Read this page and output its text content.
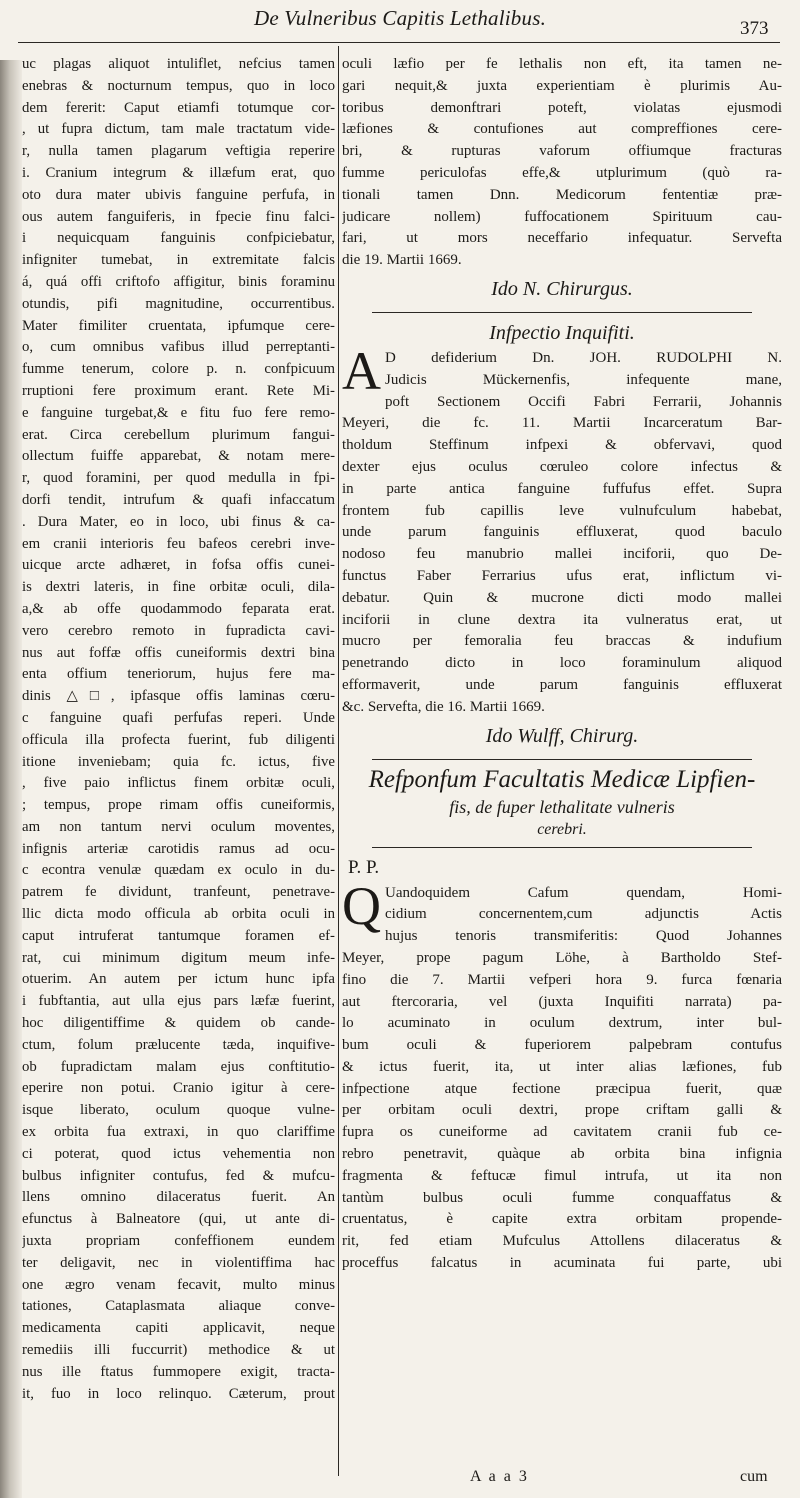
De Vulneribus Capitis Lethalibus.	373
uc plagas aliquot intuliflet, nefcius tamen
enebras & nocturnum tempus, quo in loco
dem fererit: Caput etiamfi totumque cor-
, ut fupra dictum, tam male tractatum vide-
r, nulla tamen plagarum veftigia reperire
i. Cranium integrum & illæfum erat, quo
oto dura mater ubivis fanguine perfufa, in
ous autem fanguiferis, in fpecie finu falci-
i nequicquam fanguinis confpiciebatur,
infigniter tumebat, in extremitate falcis
á, quá offi criftofo affigitur, binis foraminu
otundis, pifi magnitudine, occurrentibus.
Mater fimiliter cruentata, ipfumque cere-
o, cum omnibus vafibus illud perreptanti-
fumme tenerum, colore p. n. confpicuum
rruptioni fere proximum erant. Rete Mi-
e fanguine turgebat,& e fitu fuo fere remo-
erat. Circa cerebellum plurimum fangui-
ollectum fuiffe apparebat, & notam mere-
r, quod foramini, per quod medulla in fpi-
dorfi tendit, intrufum & quafi infaccatum
. Dura Mater, eo in loco, ubi finus & ca-
em cranii interioris feu bafeos cerebri inve-
uicque arcte adhæret, in fofsa offis cunei-
is dextri lateris, in fine orbitæ oculi, dila-
a,& ab offe quodammodo feparata erat.
vero cerebro remoto in fupradicta cavi-
nus aut foffæ offis cuneiformis dextri bina
enta offium teneriorum, hujus fere ma-
dinis △□, ipfasque offis laminas cœru-
c fanguine quafi perfufas reperi. Unde
officula illa profecta fuerint, fub diligenti
itione inveniebam; quia fc. ictus, five
, five paio inflictus finem orbitæ oculi,
; tempus, prope rimam offis cuneiformis,
am non tantum nervi oculum moventes,
infignis arteriæ carotidis ramus ad ocu-
c econtra venulæ quædam ex oculo in du-
patrem fe dividunt, tranfeunt, penetrave-
llic dicta modo officula ab orbita oculi in
caput intruferat tantumque foramen ef-
rat, cui minimum digitum meum infe-
otuerim. An autem per ictum hunc ipfa
i fubftantia, aut ulla ejus pars læfæ fuerint,
hoc diligentiffime & quidem ob cande-
ctum, folum prælucente tæda, inquifive-
ob fupradictam malam ejus conftitutio-
eperire non potui. Cranio igitur à cere-
isque liberato, oculum quoque vulne-
ex orbita fua extraxi, in quo clariffime
ci poterat, quod ictus vehementia non
bulbus infigniter contufus, fed & mufcu-
llens omnino dilaceratus fuerit. An
efunctus à Balneatore (qui, ut ante di-
juxta propriam confeffionem eundem
ter deligavit, nec in violentiffima hac
one ægro venam fecavit, multo minus
tationes, Cataplasmata aliaque conve-
medicamenta capiti applicavit, neque
remediis illi fuccurrit) methodice & ut
nus ille ftatus fummopere exigit, tracta-
it, fuo in loco relinquo. Cæterum, prout
oculi læfio per fe lethalis non eft, ita tamen ne-
gari nequit,& juxta experientiam è plurimis Au-
toribus demonftrari poteft, violatas ejusmodi
læfiones & contufiones aut compreffiones cere-
bri, & rupturas vaforum offiumque fracturas
fumme periculofas effe,& utplurimum (quò ra-
tionali tamen Dnn. Medicorum fententiæ præ-
judicare nollem) fuffocationem Spirituum cau-
fari, ut mors neceffario infequatur. Servefta
die 19. Martii 1669.
Ido N. Chirurgus.
Infpectio Inquifiti.
A D defiderium Dn. JOH. RUDOLPHI N.
Judicis Mückernenfis, infequente mane,
poft Sectionem Occifi Fabri Ferrarii, Johannis
Meyeri, die fc. 11. Martii Incarceratum Bar-
tholdum Steffinum infpexi & obfervavi, quod
dexter ejus oculus cœruleo colore infectus &
in parte antica fanguine fuffufus effet. Supra
frontem fub capillis leve vulnufculum habebat,
unde parum fanguinis effluxerat, quod baculo
nodoso feu manubrio mallei inciforii, quo De-
functus Faber Ferrarius ufus erat, inflictum vi-
debatur. Quin & mucrone dicti modo mallei
inciforii in clune dextra ita vulneratus erat, ut
mucro per femoralia feu braccas & indufium
penetrando dicto in loco foraminulum aliquod
efformaverit, unde parum fanguinis effluxerat
&c. Servefta, die 16. Martii 1669.
Ido Wulff, Chirurg.
Refponfum Facultatis Medicæ Lipfien-
fis, de fuper lethalitate vulneris
cerebri.
P. P.
Q Uandoquidem Cafum quendam, Homi-
cidium concernentem,cum adjunctis Actis
hujus tenoris transmiferitis: Quod Johannes
Meyer, prope pagum Löhe, à Bartholdo Stef-
fino die 7. Martii vefperi hora 9. furca fœnaria
aut ftercoraria, vel (juxta Inquifiti narrata) pa-
lo acuminato in oculum dextrum, inter bul-
bum oculi & fuperiorem palpebram contufus
& ictus fuerit, ita, ut inter alias læfiones, fub
infpectione atque fectione præcipua fuerit, quæ
per orbitam oculi dextri, prope criftam galli &
fupra os cuneiforme ad cavitatem cranii fub ce-
rebro penetravit, quàque ab orbita bina infignia
fragmenta & feftucæ fimul intrufa, ut ita non
tantùm bulbus oculi fumme conquaffatus &
cruentatus, è capite extra orbitam propende-
rit, fed etiam Mufculus Attollens dilaceratus &
proceffus falcatus in acuminata fui parte, ubi
A a a 3	cum
